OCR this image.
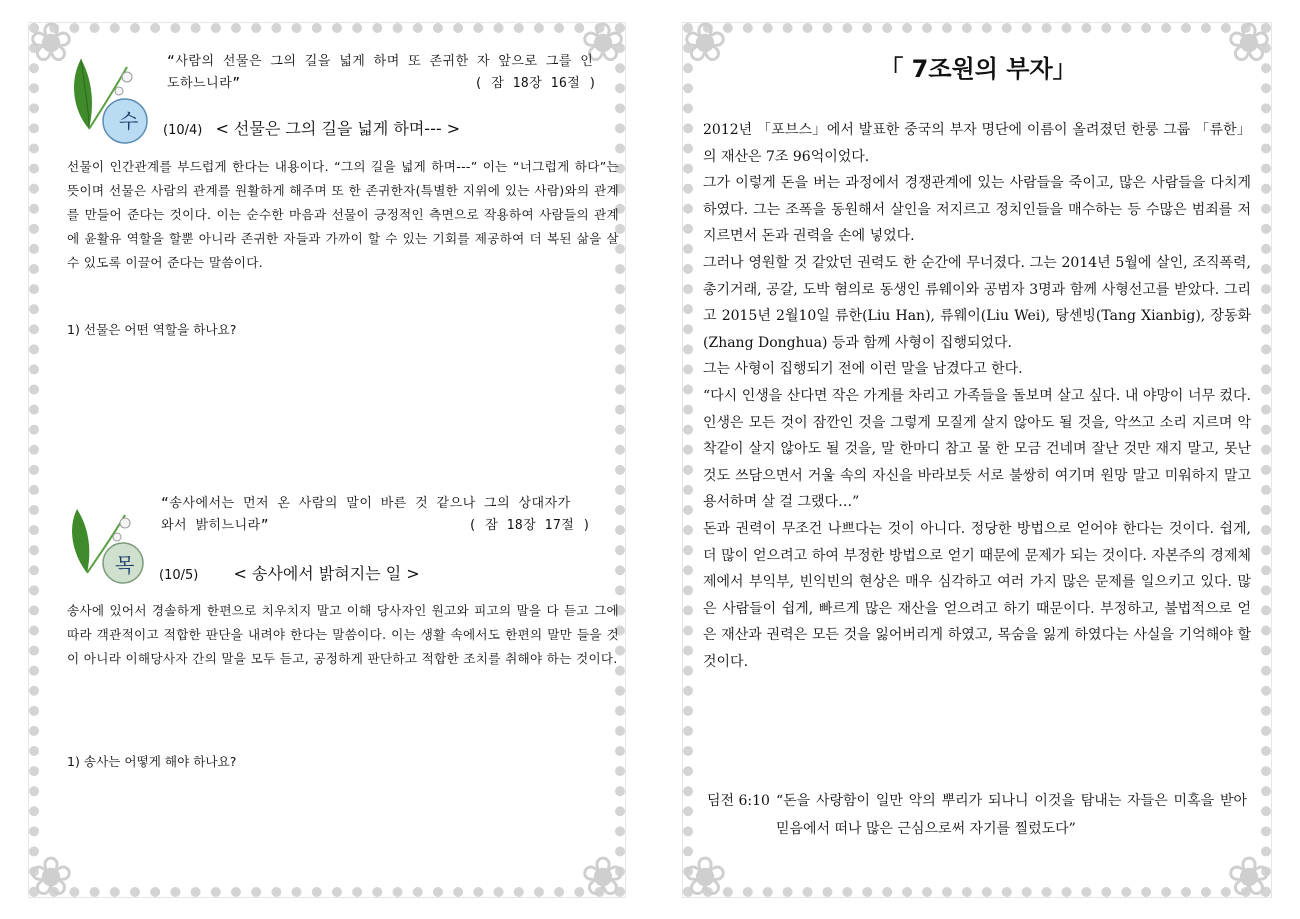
❀	❀
❀	❀
수
“사람의 선물은 그의 길을 넓게 하며 또 존귀한 자 앞으로 그를 인도하느니라”	( 잠 18장 16절 )
(10/4) < 선물은 그의 길을 넓게 하며--- >
선물이 인간관계를 부드럽게 한다는 내용이다. “그의 길을 넓게 하며---” 이는 “너그럽게 하다”는 뜻이며 선물은 사람의 관계를 원활하게 해주며 또 한 존귀한자(특별한 지위에 있는 사람)와의 관계를 만들어 준다는 것이다. 이는 순수한 마음과 선물이 긍정적인 측면으로 작용하여 사람들의 관계에 윤활유 역할을 할뿐 아니라 존귀한 자들과 가까이 할 수 있는 기회를 제공하여 더 복된 삶을 살 수 있도록 이끌어 준다는 말씀이다.
1) 선물은 어떤 역할을 하나요?
목
“송사에서는 먼저 온 사람의 말이 바른 것 같으나 그의 상대자가 와서 밝히느니라”	( 잠 18장 17절 )
(10/5) < 송사에서 밝혀지는 일 >
송사에 있어서 경솔하게 한편으로 치우치지 말고 이해 당사자인 원고와 피고의 말을 다 듣고 그에 따라 객관적이고 적합한 판단을 내려야 한다는 말씀이다. 이는 생활 속에서도 한편의 말만 들을 것이 아니라 이해당사자 간의 말을 모두 듣고, 공정하게 판단하고 적합한 조치를 취해야 하는 것이다.
1) 송사는 어떻게 해야 하나요?
❀	❀
❀	❀
「 7조원의 부자」

2012년 「포브스」에서 발표한 중국의 부자 명단에 이름이 올려졌던 한룽 그룹 「류한」의 재산은 7조 96억이었다.

그가 이렇게 돈을 버는 과정에서 경쟁관계에 있는 사람들을 죽이고, 많은 사람들을 다치게 하였다. 그는 조폭을 동원해서 살인을 저지르고 정치인들을 매수하는 등 수많은 범죄를 저지르면서 돈과 권력을 손에 넣었다.

그러나 영원할 것 같았던 권력도 한 순간에 무너졌다. 그는 2014년 5월에 살인, 조직폭력, 총기거래, 공갈, 도박 혐의로 동생인 류웨이와 공범자 3명과 함께 사형선고를 받았다. 그리고 2015년 2월10일 류한(Liu Han), 류웨이(Liu Wei), 탕센빙(Tang Xianbig), 장동화(Zhang Donghua) 등과 함께 사형이 집행되었다.

그는 사형이 집행되기 전에 이런 말을 남겼다고 한다.

“다시 인생을 산다면 작은 가게를 차리고 가족들을 돌보며 살고 싶다. 내 야망이 너무 컸다. 인생은 모든 것이 잠깐인 것을 그렇게 모질게 살지 않아도 될 것을, 악쓰고 소리 지르며 악착같이 살지 않아도 될 것을, 말 한마디 참고 물 한 모금 건네며 잘난 것만 재지 말고, 못난 것도 쓰담으면서 거울 속의 자신을 바라보듯 서로 불쌍히 여기며 원망 말고 미워하지 말고 용서하며 살 걸 그랬다…”

돈과 권력이 무조건 나쁘다는 것이 아니다. 정당한 방법으로 얻어야 한다는 것이다. 쉽게, 더 많이 얻으려고 하여 부정한 방법으로 얻기 때문에 문제가 되는 것이다. 자본주의 경제체제에서 부익부, 빈익빈의 현상은 매우 심각하고 여러 가지 많은 문제를 일으키고 있다. 많은 사람들이 쉽게, 빠르게 많은 재산을 얻으려고 하기 때문이다. 부정하고, 불법적으로 얻은 재산과 권력은 모든 것을 잃어버리게 하였고, 목숨을 잃게 하였다는 사실을 기억해야 할 것이다.

딤전 6:10 “돈을 사랑함이 일만 악의 뿌리가 되나니 이것을 탐내는 자들은 미혹을 받아 믿음에서 떠나 많은 근심으로써 자기를 찔렀도다”
